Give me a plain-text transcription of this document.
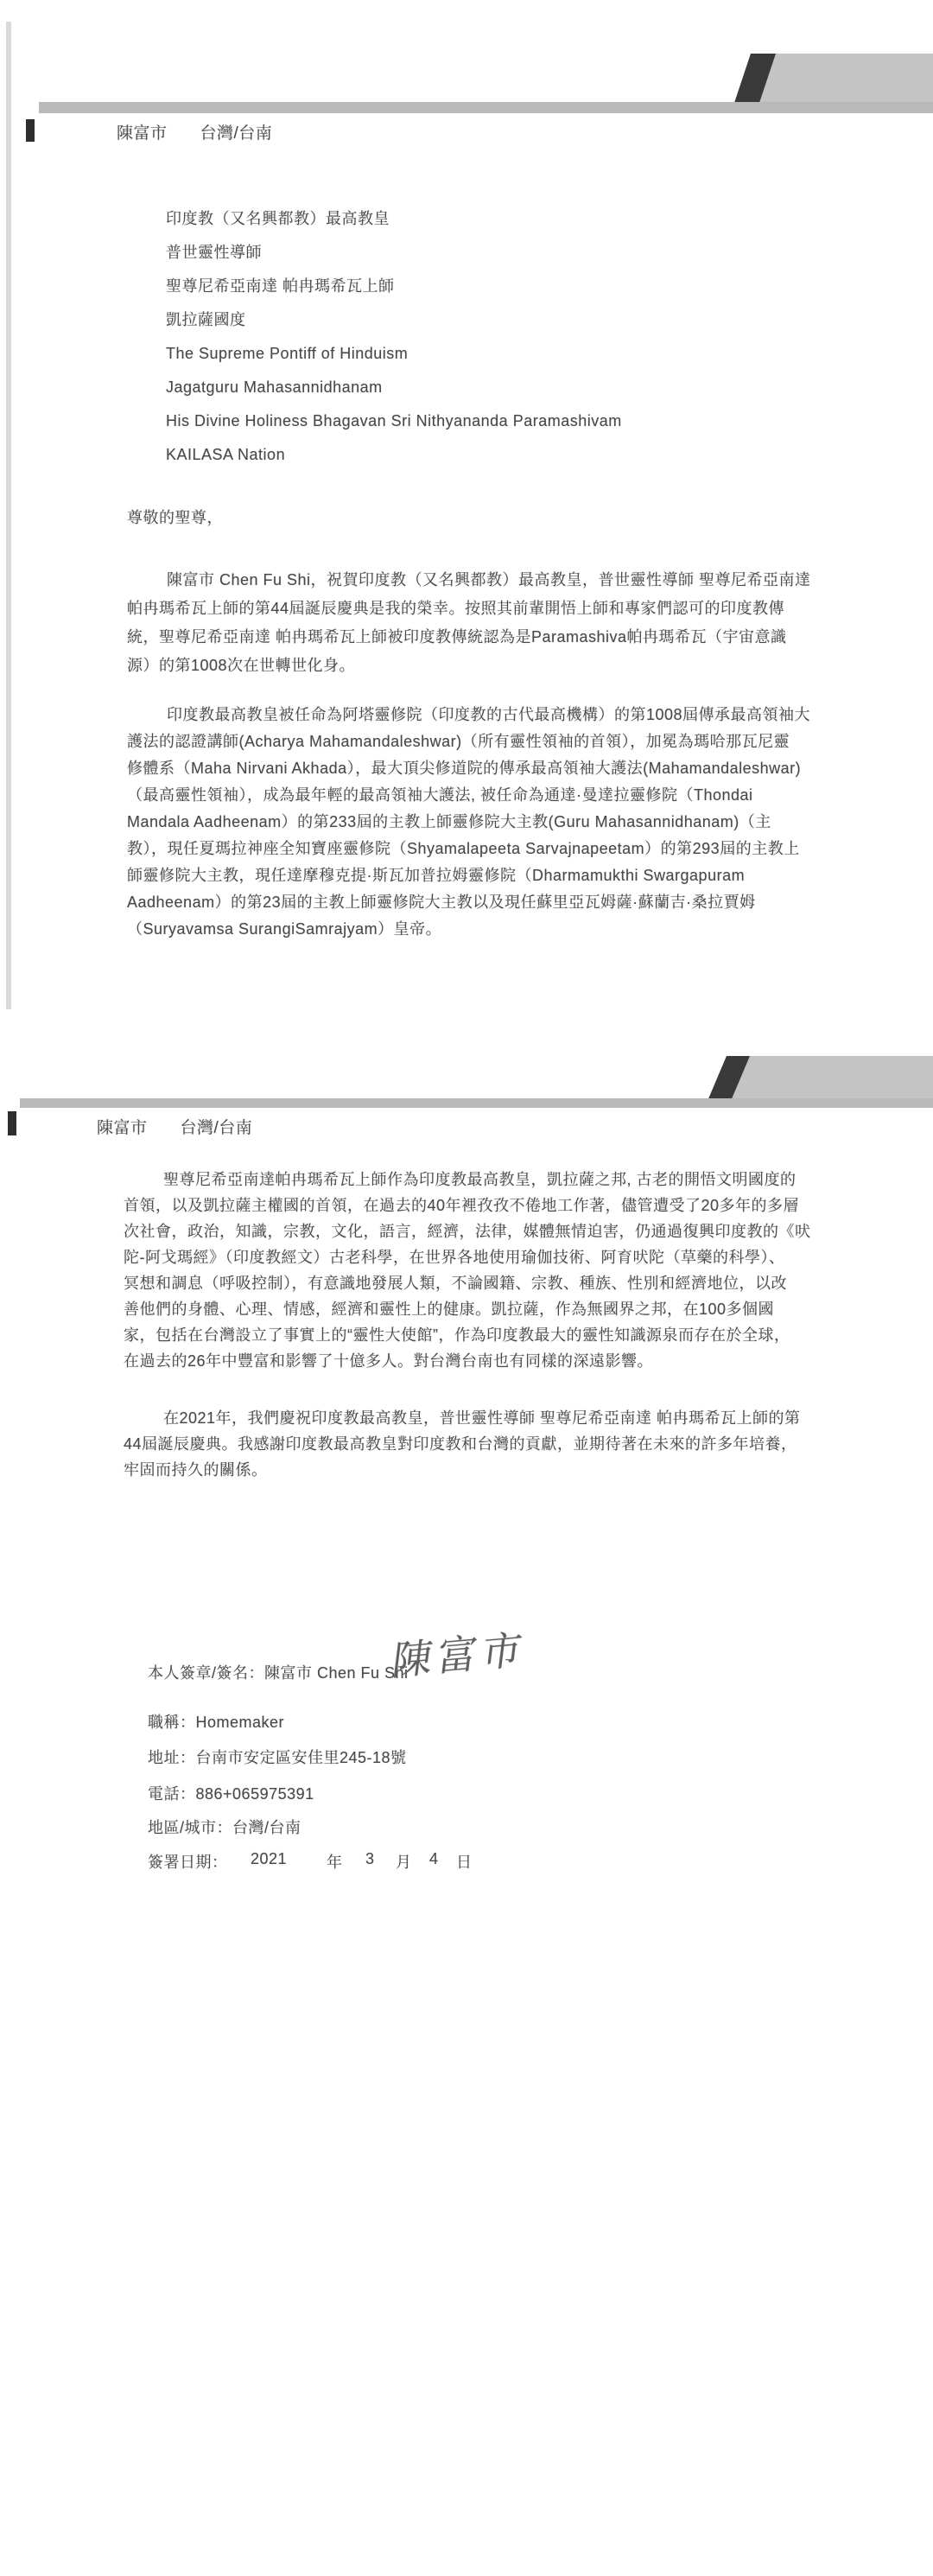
陳富市 台灣/台南
印度教（又名興都教）最高教皇
普世靈性導師
聖尊尼希亞南達 帕冉瑪希瓦上師
凱拉薩國度
The Supreme Pontiff of Hinduism
Jagatguru Mahasannidhanam
His Divine Holiness Bhagavan Sri Nithyananda Paramashivam
KAILASA Nation
尊敬的聖尊，
陳富市 Chen Fu Shi，祝賀印度教（又名興都教）最高教皇，普世靈性導師 聖尊尼希亞南達
帕冉瑪希瓦上師的第44屆誕辰慶典是我的榮幸。按照其前輩開悟上師和專家們認可的印度教傳
統，聖尊尼希亞南達 帕冉瑪希瓦上師被印度教傳統認為是Paramashiva帕冉瑪希瓦（宇宙意識
源）的第1008次在世轉世化身。
印度教最高教皇被任命為阿塔靈修院（印度教的古代最高機構）的第1008屆傳承最高領袖大
護法的認證講師(Acharya Mahamandaleshwar)（所有靈性領袖的首領），加冕為瑪哈那瓦尼靈
修體系（Maha Nirvani Akhada），最大頂尖修道院的傳承最高領袖大護法(Mahamandaleshwar)
（最高靈性領袖），成為最年輕的最高領袖大護法, 被任命為通達·曼達拉靈修院（Thondai
Mandala Aadheenam）的第233屆的主教上師靈修院大主教(Guru Mahasannidhanam)（主
教），現任夏瑪拉神座全知寶座靈修院（Shyamalapeeta Sarvajnapeetam）的第293屆的主教上
師靈修院大主教，現任達摩穆克提·斯瓦加普拉姆靈修院（Dharmamukthi Swargapuram
Aadheenam）的第23屆的主教上師靈修院大主教以及現任蘇里亞瓦姆薩·蘇蘭吉·桑拉賈姆
（Suryavamsa SurangiSamrajyam）皇帝。
陳富市 台灣/台南
聖尊尼希亞南達帕冉瑪希瓦上師作為印度教最高教皇，凱拉薩之邦, 古老的開悟文明國度的
首領，以及凱拉薩主權國的首領，在過去的40年裡孜孜不倦地工作著，儘管遭受了20多年的多層
次社會，政治，知識，宗教，文化，語言，經濟，法律，媒體無情迫害，仍通過復興印度教的《吠
陀-阿戈瑪經》（印度教經文）古老科學，在世界各地使用瑜伽技術、阿育吠陀（草藥的科學）、
冥想和調息（呼吸控制），有意識地發展人類，不論國籍、宗教、種族、性別和經濟地位，以改
善他們的身體、心理、情感，經濟和靈性上的健康。凱拉薩，作為無國界之邦，在100多個國
家，包括在台灣設立了事實上的“靈性大使館”，作為印度教最大的靈性知識源泉而存在於全球，
在過去的26年中豐富和影響了十億多人。對台灣台南也有同樣的深遠影響。
在2021年，我們慶祝印度教最高教皇，普世靈性導師 聖尊尼希亞南達 帕冉瑪希瓦上師的第
44屆誕辰慶典。我感謝印度教最高教皇對印度教和台灣的貢獻，並期待著在未來的許多年培養，
牢固而持久的關係。
本人簽章/簽名：陳富市 Chen Fu Shi
陳富市
職稱：Homemaker
地址：台南市安定區安佳里245-18號
電話：886+065975391
地區/城市：台灣/台南
簽署日期： 2021	年 3 月 4 日
